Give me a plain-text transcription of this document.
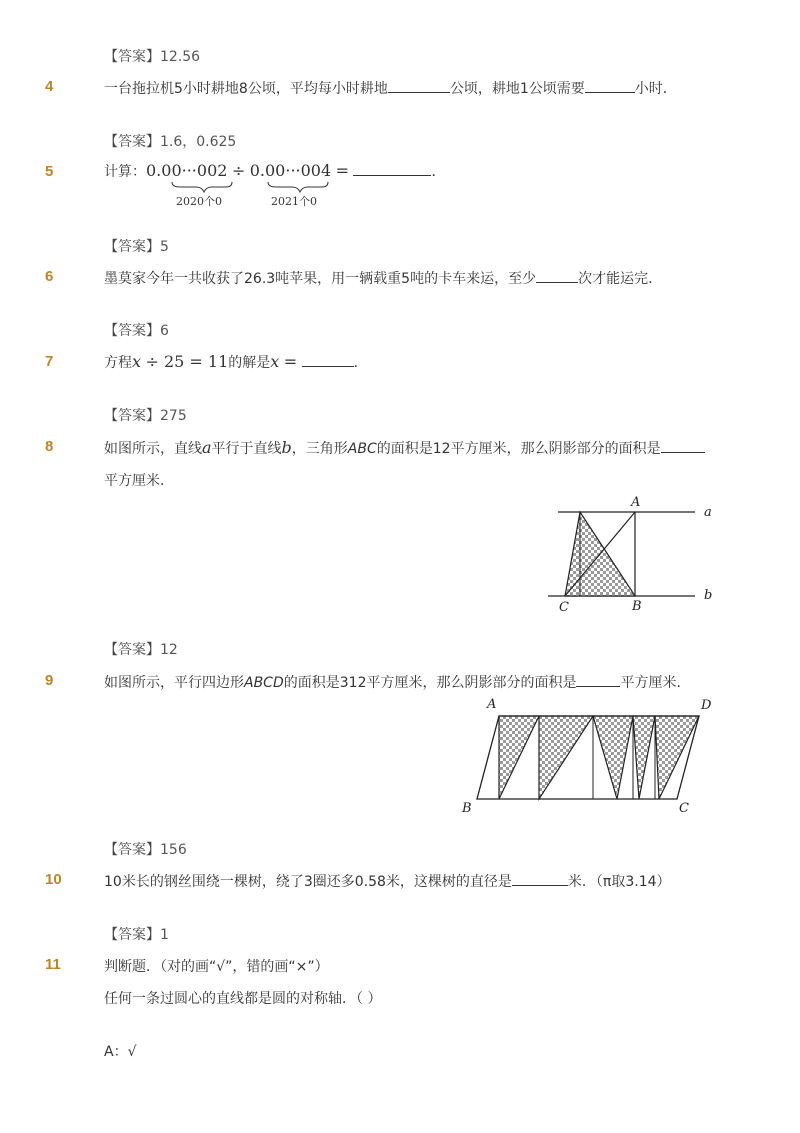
【答案】12.56
4	一台拖拉机5小时耕地8公顷，平均每小时耕地	公顷，耕地1公顷需要	小时．
【答案】1.6，0.625
5	计算：0.00···002 ÷ 0.00···004 =	．
2020个0	2021个0
【答案】5
6	墨莫家今年一共收获了26.3吨苹果，用一辆载重5吨的卡车来运，至少	次才能运完．
【答案】6
7	方程x ÷ 25 = 11的解是x =	．
【答案】275
8	如图所示，直线a平行于直线b，三角形ABC的面积是12平方厘米，那么阴影部分的面积是
平方厘米．
A
B
C
a
b
【答案】12
9	如图所示，平行四边形ABCD的面积是312平方厘米，那么阴影部分的面积是	平方厘米．
A
B	C
D
【答案】156
10	10米长的钢丝围绕一棵树，绕了3圈还多0.58米，这棵树的直径是	米．（π取3.14）
【答案】1
11	判断题．（对的画“√”，错的画“×”）
任何一条过圆心的直线都是圆的对称轴．（ ）
A：√
